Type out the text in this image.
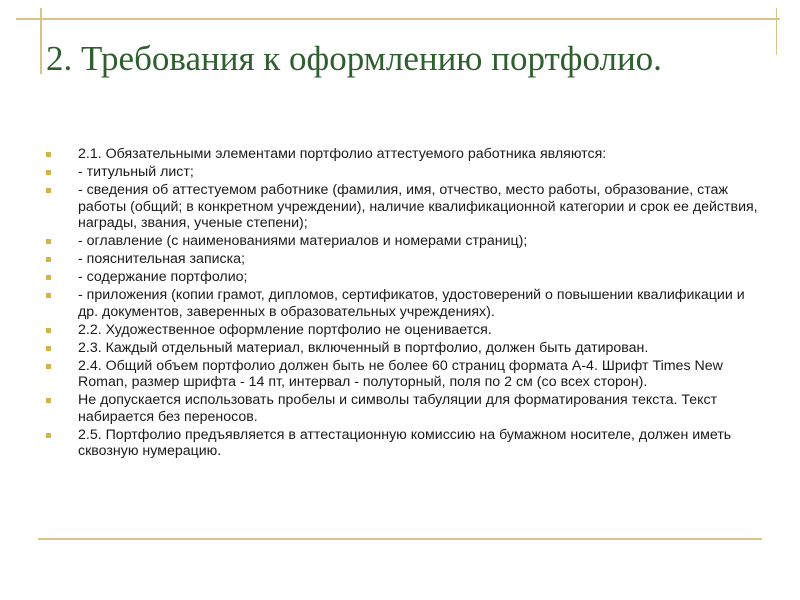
2. Требования к оформлению портфолио.
2.1. Обязательными элементами портфолио аттестуемого работника являются:
- титульный лист;
- сведения об аттестуемом работнике (фамилия, имя, отчество, место работы, образование, стаж работы (общий; в конкретном учреждении), наличие квалификационной категории и срок ее действия, награды, звания, ученые степени);
- оглавление (с наименованиями материалов и номерами страниц);
- пояснительная записка;
- содержание портфолио;
- приложения (копии грамот, дипломов, сертификатов, удостоверений о повышении квалификации и др. документов, заверенных в образовательных учреждениях).
2.2. Художественное оформление портфолио не оценивается.
2.3. Каждый отдельный материал, включенный в портфолио, должен быть датирован.
2.4. Общий объем портфолио должен быть не более 60 страниц формата А-4. Шрифт Times New Roman, размер шрифта - 14 пт, интервал - полуторный, поля по 2 см (со всех сторон).
Не допускается использовать пробелы и символы табуляции для форматирования текста. Текст набирается без переносов.
2.5. Портфолио предъявляется в аттестационную комиссию на бумажном носителе, должен иметь сквозную нумерацию.
